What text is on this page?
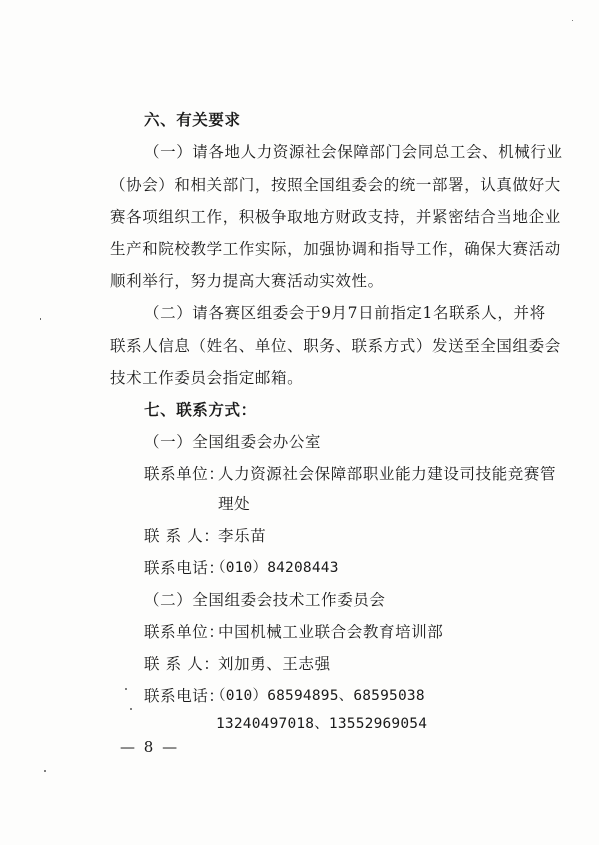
六、有关要求
（一）请各地人力资源社会保障部门会同总工会、机械行业
（协会）和相关部门，按照全国组委会的统一部署，认真做好大
赛各项组织工作，积极争取地方财政支持，并紧密结合当地企业
生产和院校教学工作实际，加强协调和指导工作，确保大赛活动
顺利举行，努力提高大赛活动实效性。
（二）请各赛区组委会于9月7日前指定1名联系人，并将
联系人信息（姓名、单位、职务、联系方式）发送至全国组委会
技术工作委员会指定邮箱。
七、联系方式：
（一）全国组委会办公室
联系单位：
人力资源社会保障部职业能力建设司技能竞赛管
理处
联 系 人：
李乐苗
联系电话：
（010）84208443
（二）全国组委会技术工作委员会
联系单位：
中国机械工业联合会教育培训部
联 系 人：
刘加勇、王志强
联系电话：
（010）68594895、68595038
13240497018、13552969054
— 8 —
